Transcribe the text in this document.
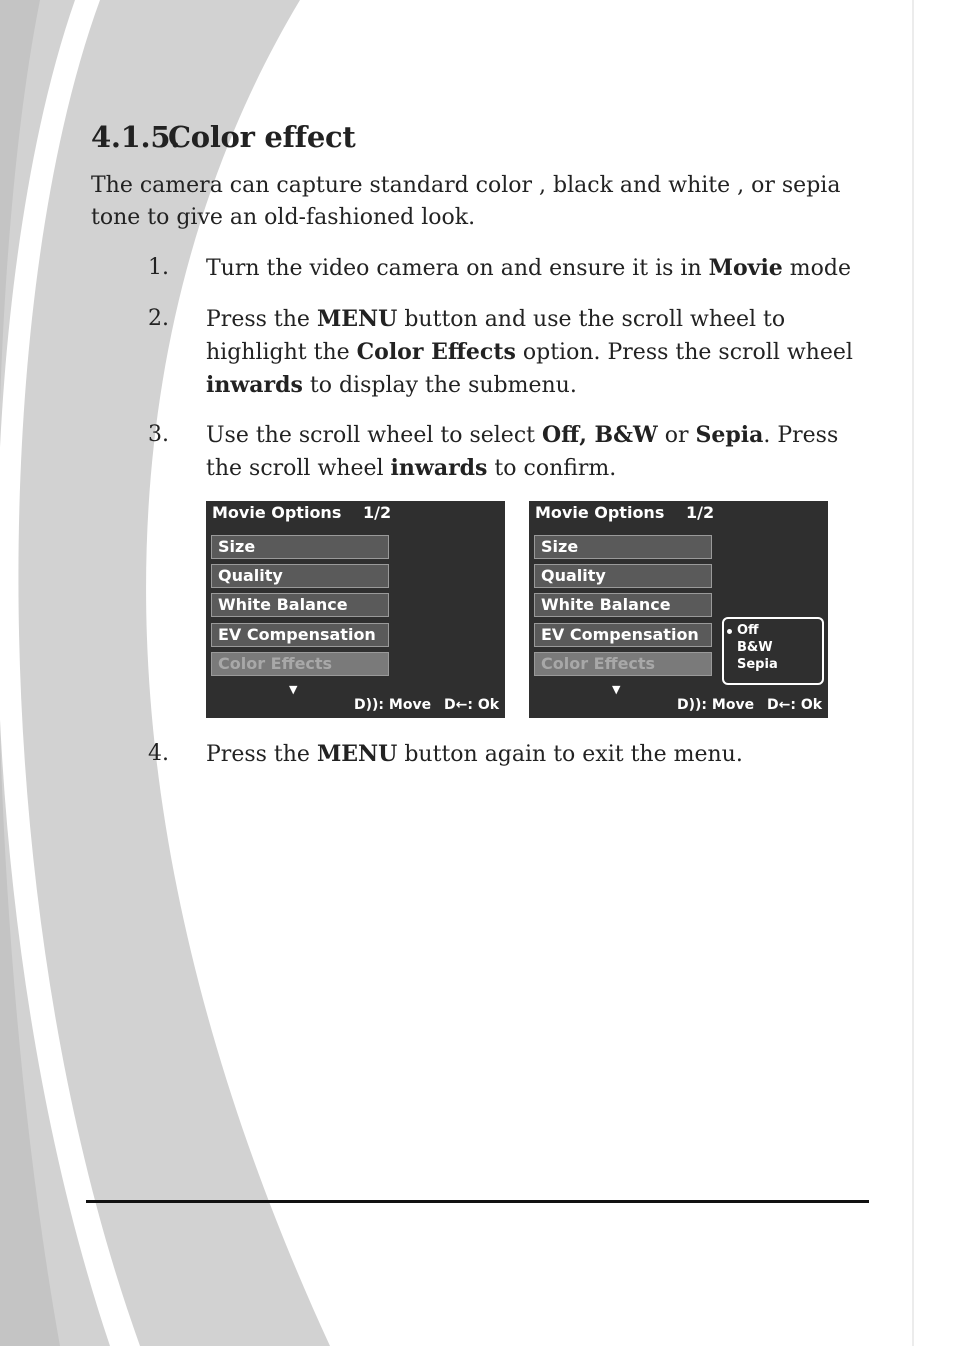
4.1.5.Color effect
The camera can capture standard color , black and white , or sepia tone to give an old-fashioned look.
1. Turn the video camera on and ensure it is in Movie mode
2. Press the MENU button and use the scroll wheel to highlight the Color Effects option. Press the scroll wheel inwards to display the submenu.
3. Use the scroll wheel to select Off, B&W or Sepia. Press the scroll wheel inwards to confirm.
Movie Options 1/2
Size
Quality
White Balance
EV Compensation
Color Effects
▼
D)): Move D←: Ok
Movie Options 1/2
Size
Quality
White Balance
EV Compensation
Color Effects
Off
B&W
Sepia
▼
D)): Move D←: Ok
4. Press the MENU button again to exit the menu.
